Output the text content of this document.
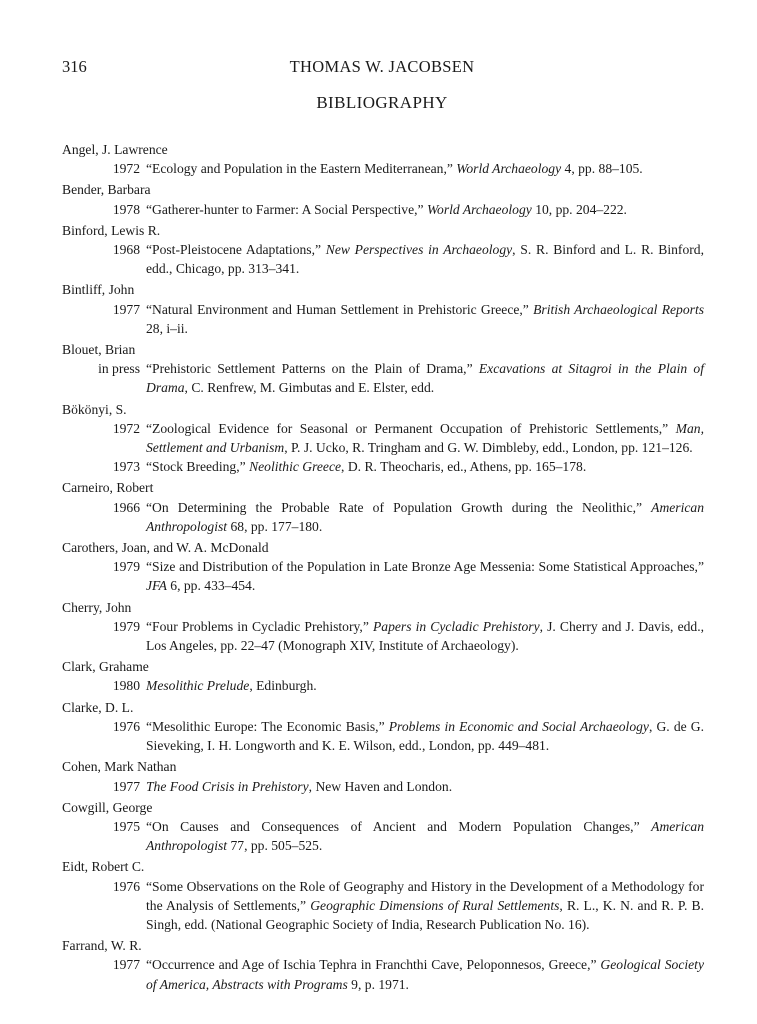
316	THOMAS W. JACOBSEN
BIBLIOGRAPHY
Angel, J. Lawrence
1972 “Ecology and Population in the Eastern Mediterranean,” World Archaeology 4, pp. 88–105.
Bender, Barbara
1978 “Gatherer-hunter to Farmer: A Social Perspective,” World Archaeology 10, pp. 204–222.
Binford, Lewis R.
1968 “Post-Pleistocene Adaptations,” New Perspectives in Archaeology, S. R. Binford and L. R. Binford, edd., Chicago, pp. 313–341.
Bintliff, John
1977 “Natural Environment and Human Settlement in Prehistoric Greece,” British Archaeological Reports 28, i–ii.
Blouet, Brian
in press “Prehistoric Settlement Patterns on the Plain of Drama,” Excavations at Sitagroi in the Plain of Drama, C. Renfrew, M. Gimbutas and E. Elster, edd.
Bökönyi, S.
1972 “Zoological Evidence for Seasonal or Permanent Occupation of Prehistoric Settlements,” Man, Settlement and Urbanism, P. J. Ucko, R. Tringham and G. W. Dimbleby, edd., London, pp. 121–126.
1973 “Stock Breeding,” Neolithic Greece, D. R. Theocharis, ed., Athens, pp. 165–178.
Carneiro, Robert
1966 “On Determining the Probable Rate of Population Growth during the Neolithic,” American Anthropologist 68, pp. 177–180.
Carothers, Joan, and W. A. McDonald
1979 “Size and Distribution of the Population in Late Bronze Age Messenia: Some Statistical Approaches,” JFA 6, pp. 433–454.
Cherry, John
1979 “Four Problems in Cycladic Prehistory,” Papers in Cycladic Prehistory, J. Cherry and J. Davis, edd., Los Angeles, pp. 22–47 (Monograph XIV, Institute of Archaeology).
Clark, Grahame
1980 Mesolithic Prelude, Edinburgh.
Clarke, D. L.
1976 “Mesolithic Europe: The Economic Basis,” Problems in Economic and Social Archaeology, G. de G. Sieveking, I. H. Longworth and K. E. Wilson, edd., London, pp. 449–481.
Cohen, Mark Nathan
1977 The Food Crisis in Prehistory, New Haven and London.
Cowgill, George
1975 “On Causes and Consequences of Ancient and Modern Population Changes,” American Anthropologist 77, pp. 505–525.
Eidt, Robert C.
1976 “Some Observations on the Role of Geography and History in the Development of a Methodology for the Analysis of Settlements,” Geographic Dimensions of Rural Settlements, R. L., K. N. and R. P. B. Singh, edd. (National Geographic Society of India, Research Publication No. 16).
Farrand, W. R.
1977 “Occurrence and Age of Ischia Tephra in Franchthi Cave, Peloponnesos, Greece,” Geological Society of America, Abstracts with Programs 9, p. 1971.
